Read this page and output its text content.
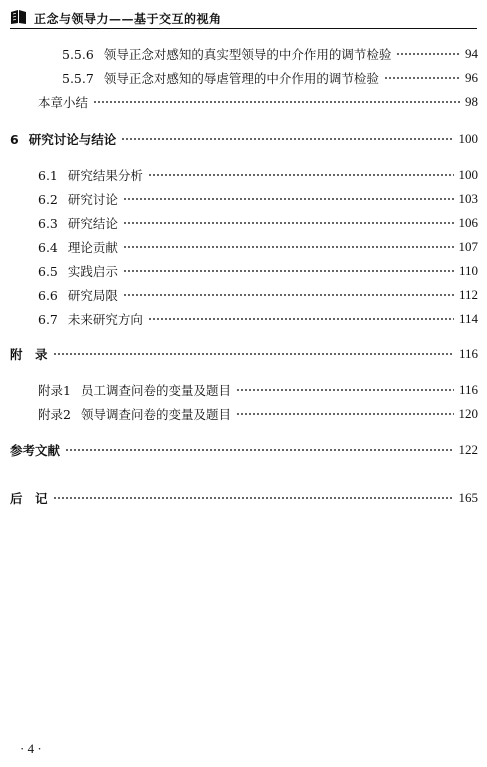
正念与领导力——基于交互的视角
5.5.6 领导正念对感知的真实型领导的中介作用的调节检验	94
5.5.7 领导正念对感知的辱虐管理的中介作用的调节检验	96
本章小结	98
6 研究讨论与结论	100
6.1 研究结果分析	100
6.2 研究讨论	103
6.3 研究结论	106
6.4 理论贡献	107
6.5 实践启示	110
6.6 研究局限	112
6.7 未来研究方向	114
附　录	116
附录1 员工调查问卷的变量及题目	116
附录2 领导调查问卷的变量及题目	120
参考文献	122
后　记	165
· 4 ·
